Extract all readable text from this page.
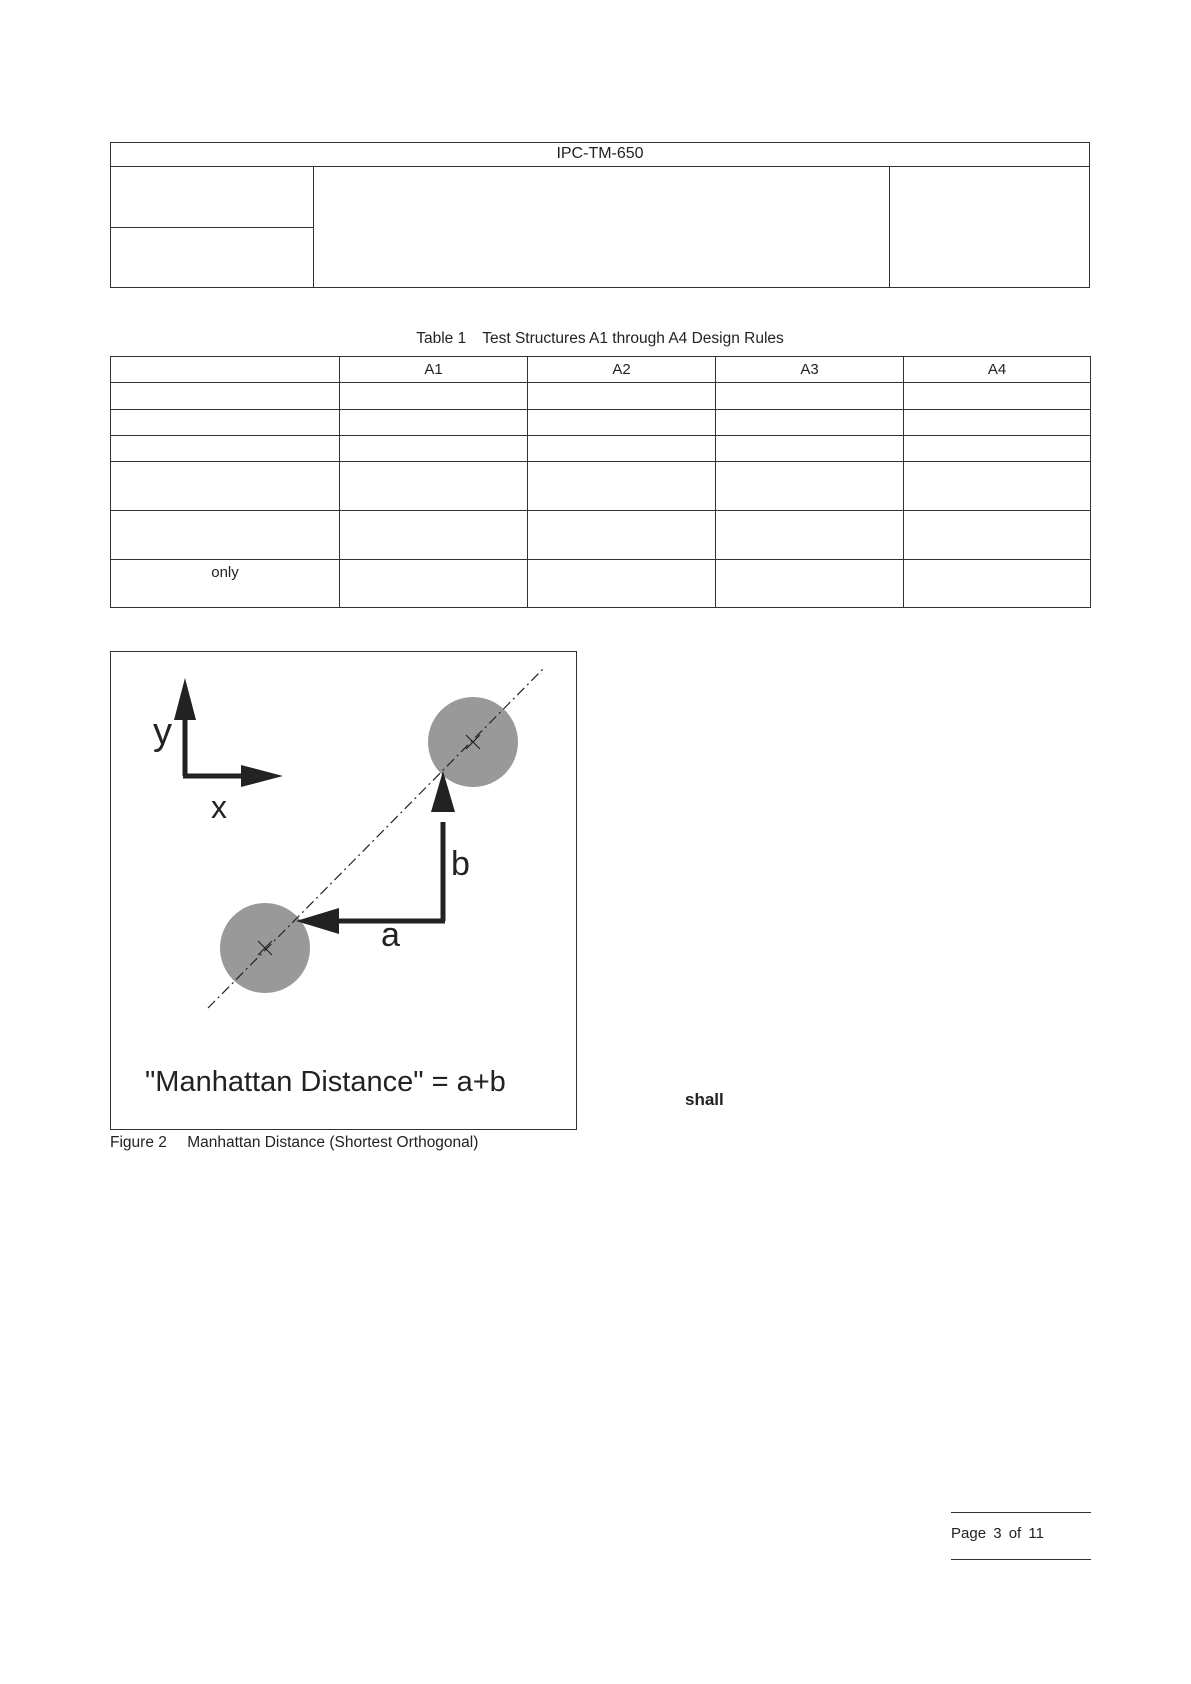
IPC-TM-650
Table 1 Test Structures A1 through A4 Design Rules
	A1	A2	A3	A4

only				
y
x
b
a
"Manhattan Distance" = a+b
Figure 2 Manhattan Distance (Shortest Orthogonal)
shall
Page 3 of 11
